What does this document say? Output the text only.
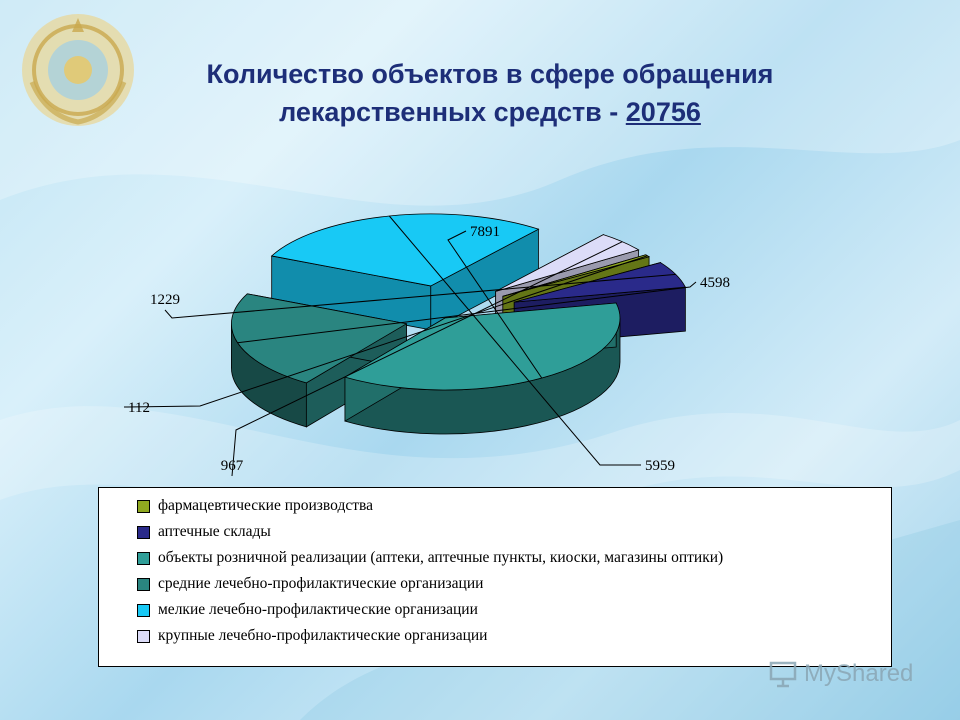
Количество объектов в сфере обращения
лекарственных средств - 20756
7891
4598
5959
967
112
1229
фармацевтические производства
аптечные склады
объекты розничной реализации (аптеки, аптечные пункты, киоски, магазины оптики)
средние лечебно-профилактические организации
мелкие лечебно-профилактические организации
крупные лечебно-профилактические организации
MyShared
